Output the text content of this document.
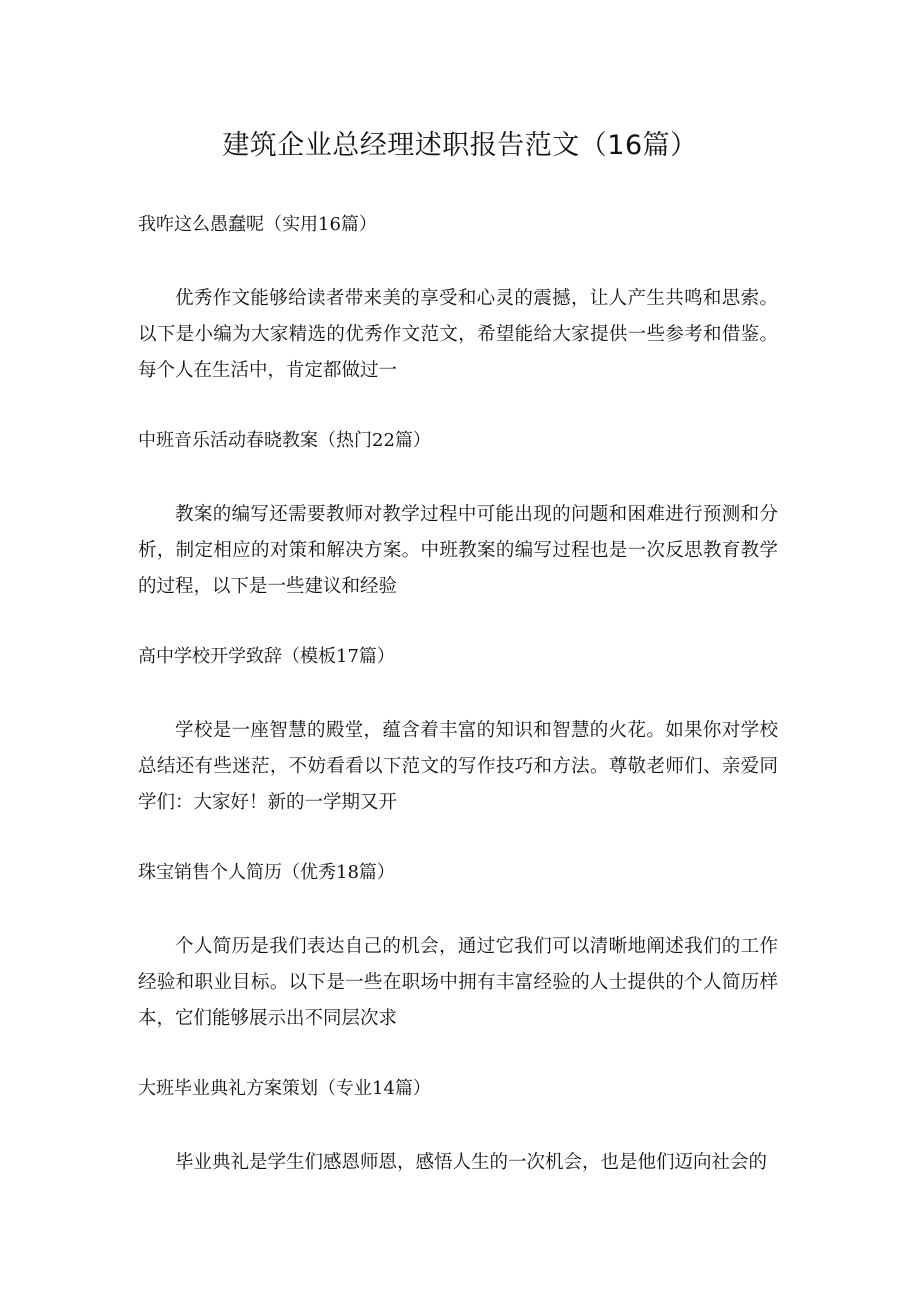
建筑企业总经理述职报告范文（16篇）

我咋这么愚蠢呢（实用16篇）

优秀作文能够给读者带来美的享受和心灵的震撼，让人产生共鸣和思索。以下是小编为大家精选的优秀作文范文，希望能给大家提供一些参考和借鉴。每个人在生活中，肯定都做过一

中班音乐活动春晓教案（热门22篇）

教案的编写还需要教师对教学过程中可能出现的问题和困难进行预测和分析，制定相应的对策和解决方案。中班教案的编写过程也是一次反思教育教学的过程，以下是一些建议和经验

高中学校开学致辞（模板17篇）

学校是一座智慧的殿堂，蕴含着丰富的知识和智慧的火花。如果你对学校总结还有些迷茫，不妨看看以下范文的写作技巧和方法。尊敬老师们、亲爱同学们：大家好！新的一学期又开

珠宝销售个人简历（优秀18篇）

个人简历是我们表达自己的机会，通过它我们可以清晰地阐述我们的工作经验和职业目标。以下是一些在职场中拥有丰富经验的人士提供的个人简历样本，它们能够展示出不同层次求

大班毕业典礼方案策划（专业14篇）

毕业典礼是学生们感恩师恩，感悟人生的一次机会，也是他们迈向社会的
